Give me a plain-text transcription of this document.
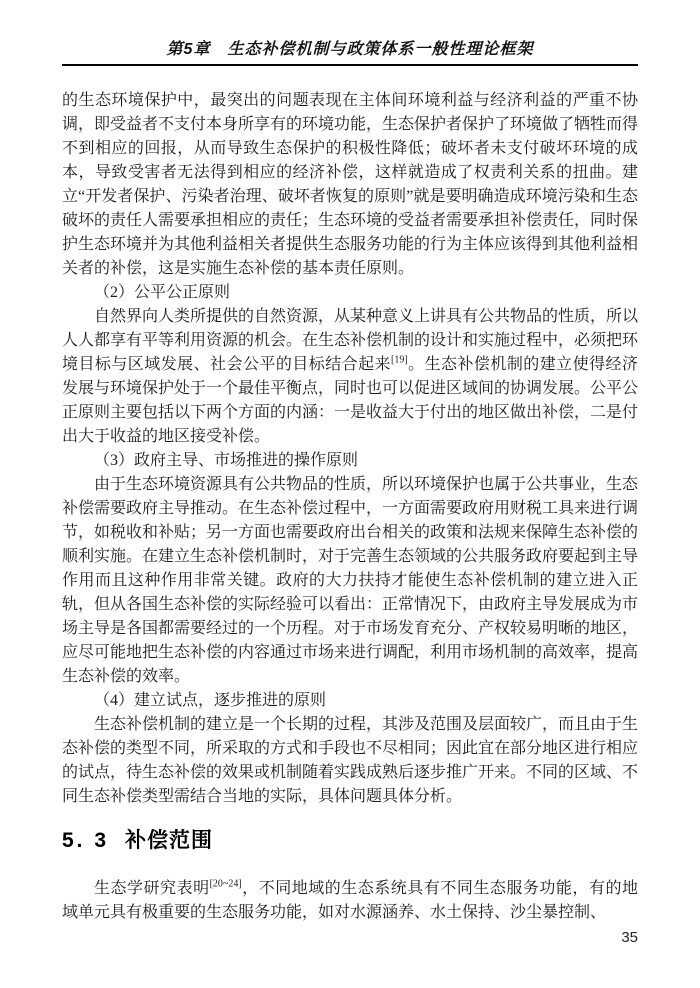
第5章　生态补偿机制与政策体系一般性理论框架

的生态环境保护中，最突出的问题表现在主体间环境利益与经济利益的严重不协调，即受益者不支付本身所享有的环境功能，生态保护者保护了环境做了牺牲而得不到相应的回报，从而导致生态保护的积极性降低；破坏者未支付破坏环境的成本，导致受害者无法得到相应的经济补偿，这样就造成了权责利关系的扭曲。建立“开发者保护、污染者治理、破坏者恢复的原则”就是要明确造成环境污染和生态破坏的责任人需要承担相应的责任；生态环境的受益者需要承担补偿责任，同时保护生态环境并为其他利益相关者提供生态服务功能的行为主体应该得到其他利益相关者的补偿，这是实施生态补偿的基本责任原则。

（2）公平公正原则

自然界向人类所提供的自然资源，从某种意义上讲具有公共物品的性质，所以人人都享有平等利用资源的机会。在生态补偿机制的设计和实施过程中，必须把环境目标与区域发展、社会公平的目标结合起来[19]。生态补偿机制的建立使得经济发展与环境保护处于一个最佳平衡点，同时也可以促进区域间的协调发展。公平公正原则主要包括以下两个方面的内涵：一是收益大于付出的地区做出补偿，二是付出大于收益的地区接受补偿。

（3）政府主导、市场推进的操作原则

由于生态环境资源具有公共物品的性质，所以环境保护也属于公共事业，生态补偿需要政府主导推动。在生态补偿过程中，一方面需要政府用财税工具来进行调节，如税收和补贴；另一方面也需要政府出台相关的政策和法规来保障生态补偿的顺利实施。在建立生态补偿机制时，对于完善生态领域的公共服务政府要起到主导作用而且这种作用非常关键。政府的大力扶持才能使生态补偿机制的建立进入正轨，但从各国生态补偿的实际经验可以看出：正常情况下，由政府主导发展成为市场主导是各国都需要经过的一个历程。对于市场发育充分、产权较易明晰的地区，应尽可能地把生态补偿的内容通过市场来进行调配，利用市场机制的高效率，提高生态补偿的效率。

（4）建立试点，逐步推进的原则

生态补偿机制的建立是一个长期的过程，其涉及范围及层面较广，而且由于生态补偿的类型不同，所采取的方式和手段也不尽相同；因此宜在部分地区进行相应的试点，待生态补偿的效果或机制随着实践成熟后逐步推广开来。不同的区域、不同生态补偿类型需结合当地的实际，具体问题具体分析。

5. 3 补偿范围

生态学研究表明[20~24]，不同地域的生态系统具有不同生态服务功能，有的地域单元具有极重要的生态服务功能，如对水源涵养、水土保持、沙尘暴控制、

35
